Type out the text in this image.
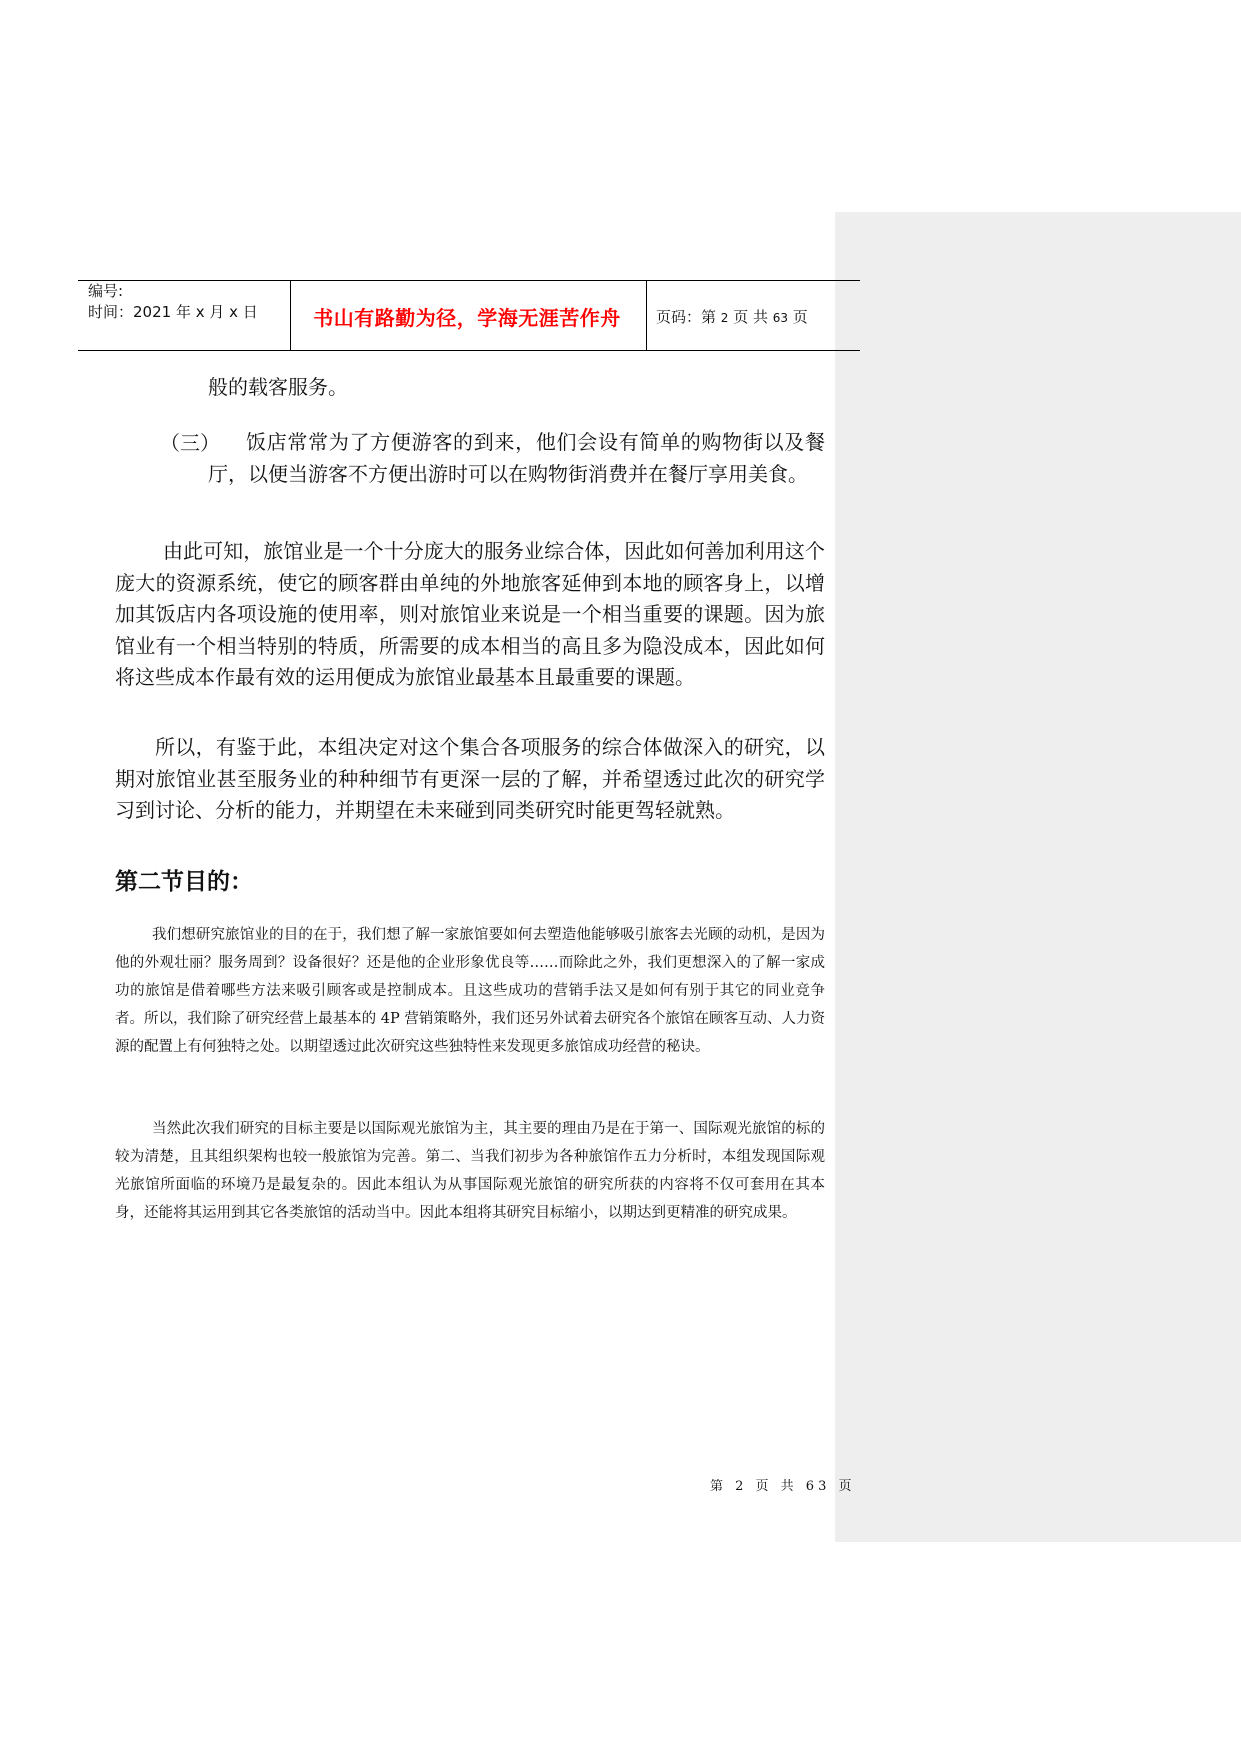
编号:
时间：2021 年 x 月 x 日	书山有路勤为径，学海无涯苦作舟	页码：第 2 页 共 63 页
般的载客服务。
（三）	饭店常常为了方便游客的到来，他们会设有简单的购物街以及餐厅，以便当游客不方便出游时可以在购物街消费并在餐厅享用美食。
由此可知，旅馆业是一个十分庞大的服务业综合体，因此如何善加利用这个庞大的资源系统，使它的顾客群由单纯的外地旅客延伸到本地的顾客身上，以增加其饭店内各项设施的使用率，则对旅馆业来说是一个相当重要的课题。因为旅馆业有一个相当特别的特质，所需要的成本相当的高且多为隐没成本，因此如何将这些成本作最有效的运用便成为旅馆业最基本且最重要的课题。
所以，有鉴于此，本组决定对这个集合各项服务的综合体做深入的研究，以期对旅馆业甚至服务业的种种细节有更深一层的了解，并希望透过此次的研究学习到讨论、分析的能力，并期望在未来碰到同类研究时能更驾轻就熟。
第二节目的：
我们想研究旅馆业的目的在于，我们想了解一家旅馆要如何去塑造他能够吸引旅客去光顾的动机，是因为他的外观壮丽？服务周到？设备很好？还是他的企业形象优良等……而除此之外，我们更想深入的了解一家成功的旅馆是借着哪些方法来吸引顾客或是控制成本。且这些成功的营销手法又是如何有别于其它的同业竞争者。所以，我们除了研究经营上最基本的 4P 营销策略外，我们还另外试着去研究各个旅馆在顾客互动、人力资源的配置上有何独特之处。以期望透过此次研究这些独特性来发现更多旅馆成功经营的秘诀。
当然此次我们研究的目标主要是以国际观光旅馆为主，其主要的理由乃是在于第一、国际观光旅馆的标的较为清楚，且其组织架构也较一般旅馆为完善。第二、当我们初步为各种旅馆作五力分析时，本组发现国际观光旅馆所面临的环境乃是最复杂的。因此本组认为从事国际观光旅馆的研究所获的内容将不仅可套用在其本身，还能将其运用到其它各类旅馆的活动当中。因此本组将其研究目标缩小，以期达到更精准的研究成果。
第 2 页 共 63 页
